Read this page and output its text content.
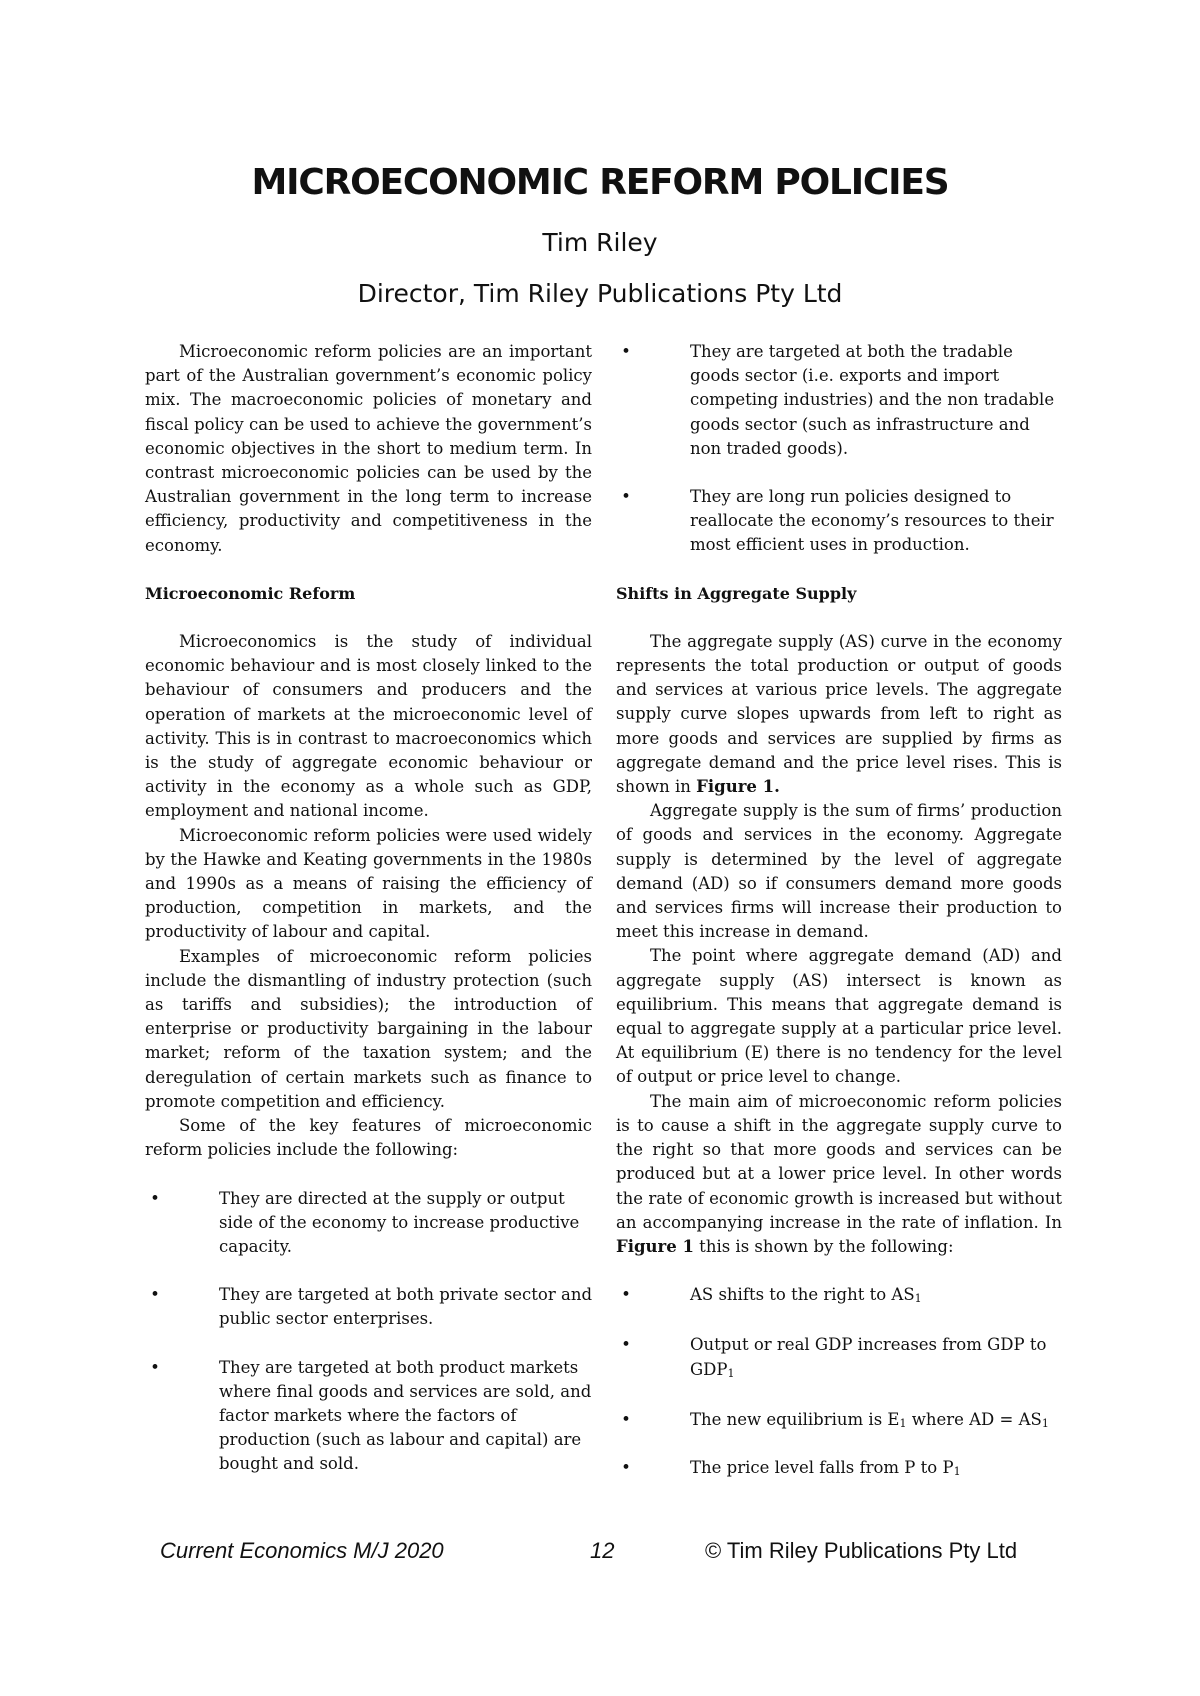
MICROECONOMIC REFORM POLICIES
Tim Riley
Director, Tim Riley Publications Pty Ltd

Microeconomic reform policies are an important part of the Australian government’s economic policy mix. The macroeconomic policies of monetary and fiscal policy can be used to achieve the government’s economic objectives in the short to medium term. In contrast microeconomic policies can be used by the Australian government in the long term to increase efficiency, productivity and competitiveness in the economy.

Microeconomic Reform

Microeconomics is the study of individual economic behaviour and is most closely linked to the behaviour of consumers and producers and the operation of markets at the microeconomic level of activity. This is in contrast to macroeconomics which is the study of aggregate economic behaviour or activity in the economy as a whole such as GDP, employment and national income.

Microeconomic reform policies were used widely by the Hawke and Keating governments in the 1980s and 1990s as a means of raising the efficiency of production, competition in markets, and the productivity of labour and capital.

Examples of microeconomic reform policies include the dismantling of industry protection (such as tariffs and subsidies); the introduction of enterprise or productivity bargaining in the labour market; reform of the taxation system; and the deregulation of certain markets such as finance to promote competition and efficiency.

Some of the key features of microeconomic reform policies include the following:

•	They are directed at the supply or output side of the economy to increase productive capacity.
•	They are targeted at both private sector and public sector enterprises.
•	They are targeted at both product markets where final goods and services are sold, and factor markets where the factors of production (such as labour and capital) are bought and sold.
•	They are targeted at both the tradable goods sector (i.e. exports and import competing industries) and the non tradable goods sector (such as infrastructure and non traded goods).
•	They are long run policies designed to reallocate the economy’s resources to their most efficient uses in production.
Shifts in Aggregate Supply

The aggregate supply (AS) curve in the economy represents the total production or output of goods and services at various price levels. The aggregate supply curve slopes upwards from left to right as more goods and services are supplied by firms as aggregate demand and the price level rises. This is shown in Figure 1.

Aggregate supply is the sum of firms’ production of goods and services in the economy. Aggregate supply is determined by the level of aggregate demand (AD) so if consumers demand more goods and services firms will increase their production to meet this increase in demand.

The point where aggregate demand (AD) and aggregate supply (AS) intersect is known as equilibrium. This means that aggregate demand is equal to aggregate supply at a particular price level. At equilibrium (E) there is no tendency for the level of output or price level to change.

The main aim of microeconomic reform policies is to cause a shift in the aggregate supply curve to the right so that more goods and services can be produced but at a lower price level. In other words the rate of economic growth is increased but without an accompanying increase in the rate of inflation. In Figure 1 this is shown by the following:

•	AS shifts to the right to $AS_1$
•	Output or real GDP increases from GDP to $GDP_1$
•	The new equilibrium is $E_1$ where AD = $AS_1$
•	The price level falls from P to $P_1$
Current Economics M/J 2020	12	© Tim Riley Publications Pty Ltd
